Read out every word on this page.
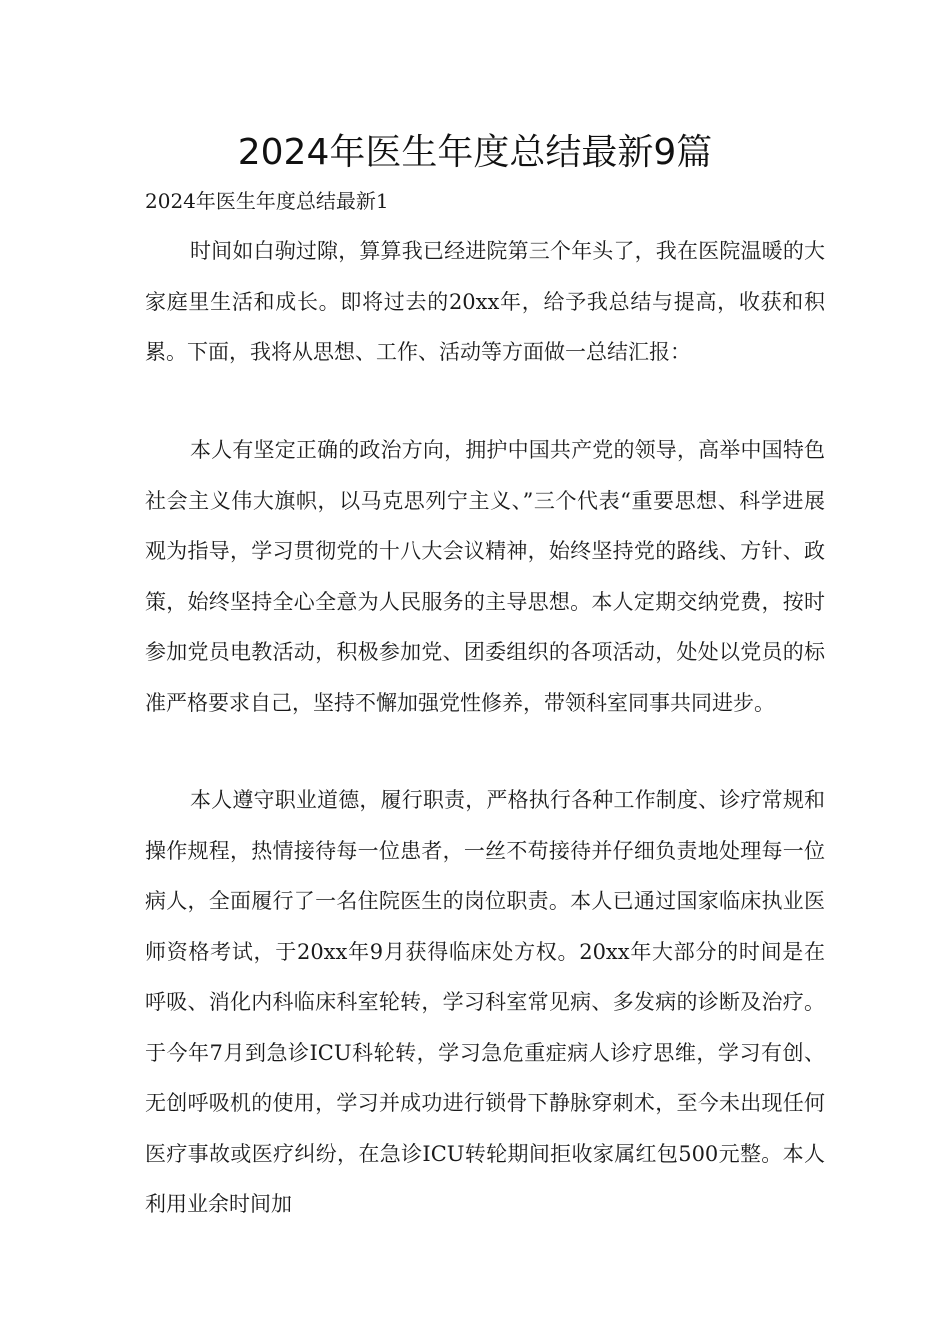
2024年医生年度总结最新9篇

2024年医生年度总结最新1

时间如白驹过隙，算算我已经进院第三个年头了，我在医院温暖的大家庭里生活和成长。即将过去的20xx年，给予我总结与提高，收获和积累。下面，我将从思想、工作、活动等方面做一总结汇报：

本人有坚定正确的政治方向，拥护中国共产党的领导，高举中国特色社会主义伟大旗帜，以马克思列宁主义、”三个代表“重要思想、科学进展观为指导，学习贯彻党的十八大会议精神，始终坚持党的路线、方针、政策，始终坚持全心全意为人民服务的主导思想。本人定期交纳党费，按时参加党员电教活动，积极参加党、团委组织的各项活动，处处以党员的标准严格要求自己，坚持不懈加强党性修养，带领科室同事共同进步。

本人遵守职业道德，履行职责，严格执行各种工作制度、诊疗常规和操作规程，热情接待每一位患者，一丝不苟接待并仔细负责地处理每一位病人，全面履行了一名住院医生的岗位职责。本人已通过国家临床执业医师资格考试，于20xx年9月获得临床处方权。20xx年大部分的时间是在呼吸、消化内科临床科室轮转，学习科室常见病、多发病的诊断及治疗。于今年7月到急诊ICU科轮转，学习急危重症病人诊疗思维，学习有创、无创呼吸机的使用，学习并成功进行锁骨下静脉穿刺术，至今未出现任何医疗事故或医疗纠纷，在急诊ICU转轮期间拒收家属红包500元整。本人利用业余时间加
